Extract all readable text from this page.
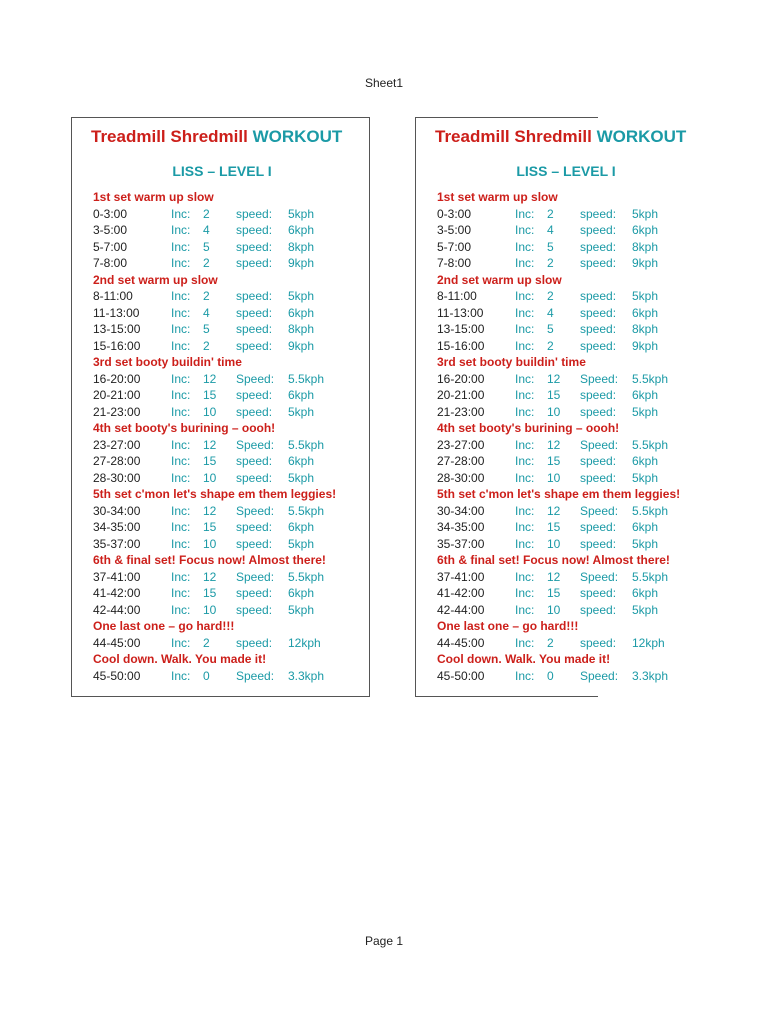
Sheet1
Treadmill Shredmill WORKOUT
LISS – LEVEL I
1st set warm up slow
0-3:00	Inc: 2 speed: 5kph
3-5:00	Inc: 4 speed: 6kph
5-7:00	Inc: 5 speed: 8kph
7-8:00	Inc: 2 speed: 9kph
2nd set warm up slow
8-11:00	Inc: 2 speed: 5kph
11-13:00	Inc: 4 speed: 6kph
13-15:00	Inc: 5 speed: 8kph
15-16:00	Inc: 2 speed: 9kph
3rd set booty buildin' time
16-20:00	Inc: 12 Speed: 5.5kph
20-21:00	Inc: 15 speed: 6kph
21-23:00	Inc: 10 speed: 5kph
4th set booty's burining – oooh!
23-27:00	Inc: 12 Speed: 5.5kph
27-28:00	Inc: 15 speed: 6kph
28-30:00	Inc: 10 speed: 5kph
5th set c'mon let's shape em them leggies!
30-34:00	Inc: 12 Speed: 5.5kph
34-35:00	Inc: 15 speed: 6kph
35-37:00	Inc: 10 speed: 5kph
6th & final set! Focus now! Almost there!
37-41:00	Inc: 12 Speed: 5.5kph
41-42:00	Inc: 15 speed: 6kph
42-44:00	Inc: 10 speed: 5kph
One last one – go hard!!!
44-45:00	Inc: 2 speed: 12kph
Cool down. Walk. You made it!
45-50:00	Inc: 0 Speed: 3.3kph
Treadmill Shredmill WORKOUT
LISS – LEVEL I
1st set warm up slow
0-3:00	Inc: 2 speed: 5kph
3-5:00	Inc: 4 speed: 6kph
5-7:00	Inc: 5 speed: 8kph
7-8:00	Inc: 2 speed: 9kph
2nd set warm up slow
8-11:00	Inc: 2 speed: 5kph
11-13:00	Inc: 4 speed: 6kph
13-15:00	Inc: 5 speed: 8kph
15-16:00	Inc: 2 speed: 9kph
3rd set booty buildin' time
16-20:00	Inc: 12 Speed: 5.5kph
20-21:00	Inc: 15 speed: 6kph
21-23:00	Inc: 10 speed: 5kph
4th set booty's burining – oooh!
23-27:00	Inc: 12 Speed: 5.5kph
27-28:00	Inc: 15 speed: 6kph
28-30:00	Inc: 10 speed: 5kph
5th set c'mon let's shape em them leggies!
30-34:00	Inc: 12 Speed: 5.5kph
34-35:00	Inc: 15 speed: 6kph
35-37:00	Inc: 10 speed: 5kph
6th & final set! Focus now! Almost there!
37-41:00	Inc: 12 Speed: 5.5kph
41-42:00	Inc: 15 speed: 6kph
42-44:00	Inc: 10 speed: 5kph
One last one – go hard!!!
44-45:00	Inc: 2 speed: 12kph
Cool down. Walk. You made it!
45-50:00	Inc: 0 Speed: 3.3kph
Page 1
